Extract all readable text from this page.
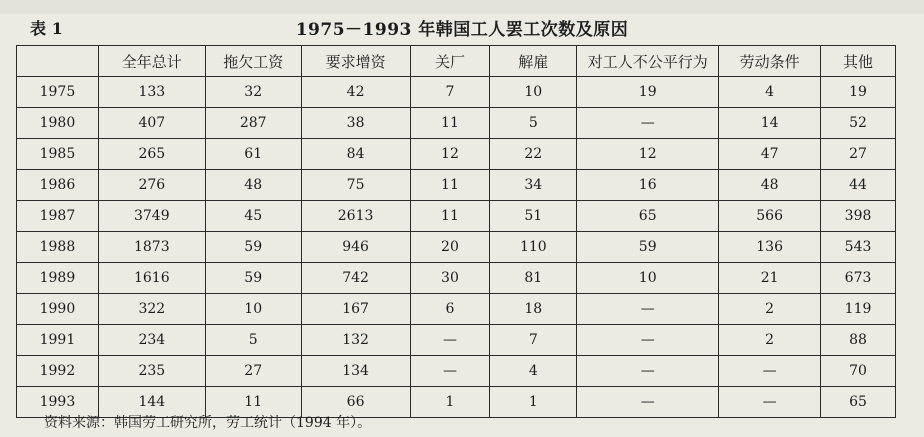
表 1	1975－1993 年韩国工人罢工次数及原因
	全年总计	拖欠工资	要求增资	关厂	解雇	对工人不公平行为	劳动条件	其他
1975	133	32	42	7	10	19	4	19
1980	407	287	38	11	5	—	14	52
1985	265	61	84	12	22	12	47	27
1986	276	48	75	11	34	16	48	44
1987	3749	45	2613	11	51	65	566	398
1988	1873	59	946	20	110	59	136	543
1989	1616	59	742	30	81	10	21	673
1990	322	10	167	6	18	—	2	119
1991	234	5	132	—	7	—	2	88
1992	235	27	134	—	4	—	—	70
1993	144	11	66	1	1	—	—	65
资料来源：韩国劳工研究所，劳工统计（1994 年）。
